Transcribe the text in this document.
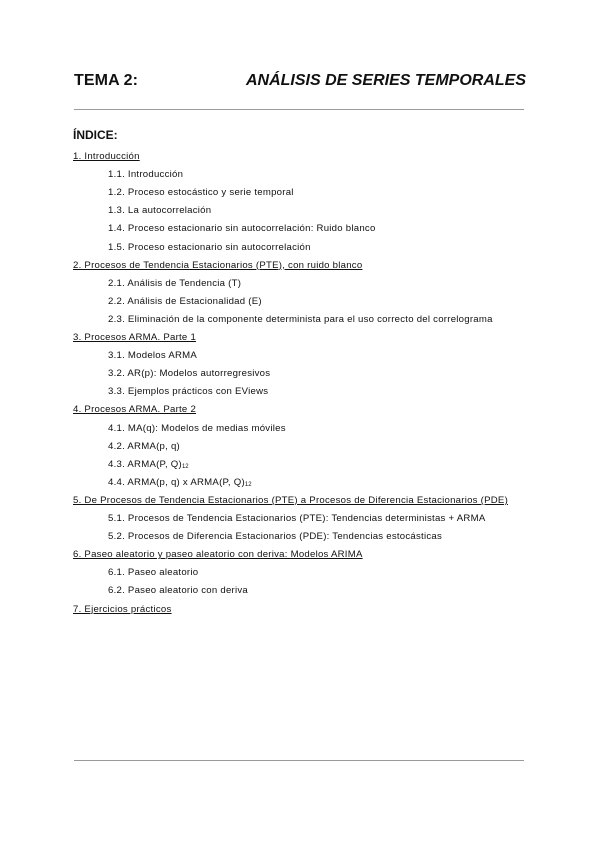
TEMA 2:	ANÁLISIS DE SERIES TEMPORALES
ÍNDICE:
1. Introducción
1.1. Introducción
1.2. Proceso estocástico y serie temporal
1.3. La autocorrelación
1.4. Proceso estacionario sin autocorrelación: Ruido blanco
1.5. Proceso estacionario sin autocorrelación
2. Procesos de Tendencia Estacionarios (PTE), con ruido blanco
2.1. Análisis de Tendencia (T)
2.2. Análisis de Estacionalidad (E)
2.3. Eliminación de la componente determinista para el uso correcto del correlograma
3. Procesos ARMA. Parte 1
3.1. Modelos ARMA
3.2. AR(p): Modelos autorregresivos
3.3. Ejemplos prácticos con EViews
4. Procesos ARMA. Parte 2
4.1. MA(q): Modelos de medias móviles
4.2. ARMA(p, q)
4.3. ARMA(P, Q)12
4.4. ARMA(p, q) x ARMA(P, Q)12
5. De Procesos de Tendencia Estacionarios (PTE) a Procesos de Diferencia Estacionarios (PDE)
5.1. Procesos de Tendencia Estacionarios (PTE): Tendencias deterministas + ARMA
5.2. Procesos de Diferencia Estacionarios (PDE): Tendencias estocásticas
6. Paseo aleatorio y paseo aleatorio con deriva: Modelos ARIMA
6.1. Paseo aleatorio
6.2. Paseo aleatorio con deriva
7. Ejercicios prácticos
